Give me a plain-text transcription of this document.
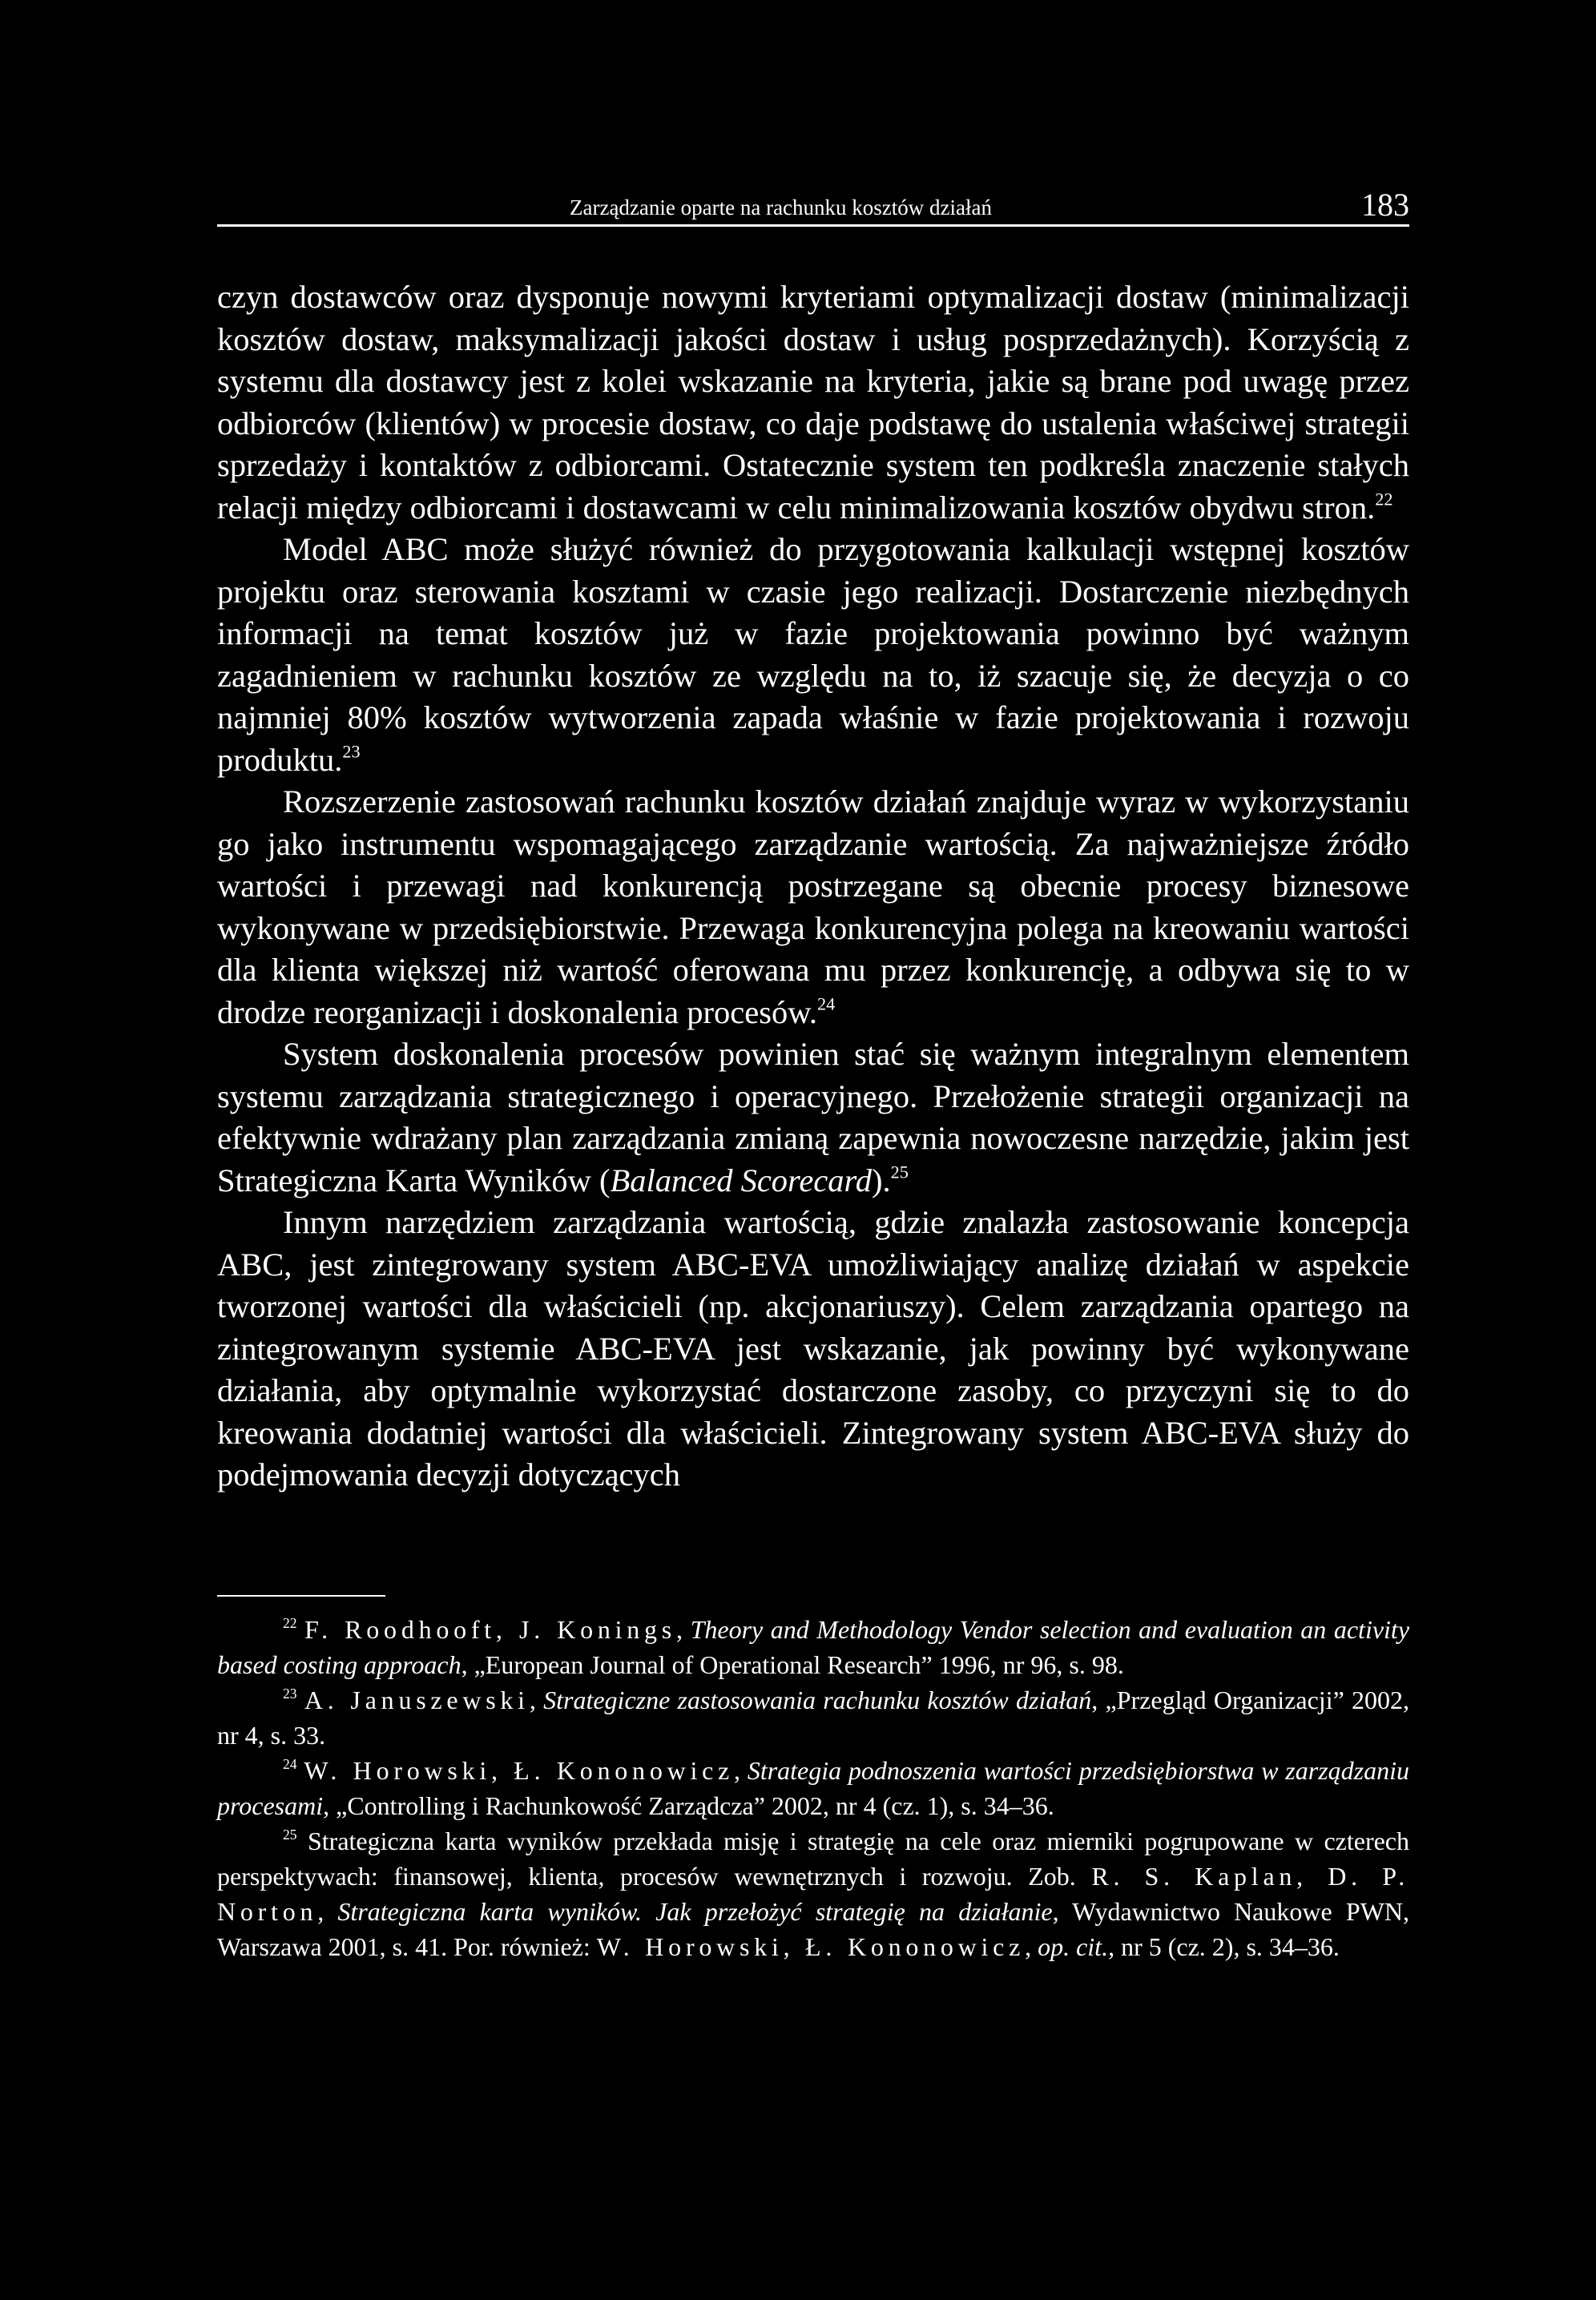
Zarządzanie oparte na rachunku kosztów działań	183

czyn dostawców oraz dysponuje nowymi kryteriami optymalizacji dostaw (minimalizacji kosztów dostaw, maksymalizacji jakości dostaw i usług posprzedażnych). Korzyścią z systemu dla dostawcy jest z kolei wskazanie na kryteria, jakie są brane pod uwagę przez odbiorców (klientów) w procesie dostaw, co daje podstawę do ustalenia właściwej strategii sprzedaży i kontaktów z odbiorcami. Ostatecznie system ten podkreśla znaczenie stałych relacji między odbiorcami i dostawcami w celu minimalizowania kosztów obydwu stron.$^{22}$

Model ABC może służyć również do przygotowania kalkulacji wstępnej kosztów projektu oraz sterowania kosztami w czasie jego realizacji. Dostarczenie niezbędnych informacji na temat kosztów już w fazie projektowania powinno być ważnym zagadnieniem w rachunku kosztów ze względu na to, iż szacuje się, że decyzja o co najmniej 80% kosztów wytworzenia zapada właśnie w fazie projektowania i rozwoju produktu.$^{23}$

Rozszerzenie zastosowań rachunku kosztów działań znajduje wyraz w wykorzystaniu go jako instrumentu wspomagającego zarządzanie wartością. Za najważniejsze źródło wartości i przewagi nad konkurencją postrzegane są obecnie procesy biznesowe wykonywane w przedsiębiorstwie. Przewaga konkurencyjna polega na kreowaniu wartości dla klienta większej niż wartość oferowana mu przez konkurencję, a odbywa się to w drodze reorganizacji i doskonalenia procesów.$^{24}$

System doskonalenia procesów powinien stać się ważnym integralnym elementem systemu zarządzania strategicznego i operacyjnego. Przełożenie strategii organizacji na efektywnie wdrażany plan zarządzania zmianą zapewnia nowoczesne narzędzie, jakim jest Strategiczna Karta Wyników (Balanced Scorecard).$^{25}$

Innym narzędziem zarządzania wartością, gdzie znalazła zastosowanie koncepcja ABC, jest zintegrowany system ABC-EVA umożliwiający analizę działań w aspekcie tworzonej wartości dla właścicieli (np. akcjonariuszy). Celem zarządzania opartego na zintegrowanym systemie ABC-EVA jest wskazanie, jak powinny być wykonywane działania, aby optymalnie wykorzystać dostarczone zasoby, co przyczyni się to do kreowania dodatniej wartości dla właścicieli. Zintegrowany system ABC-EVA służy do podejmowania decyzji dotyczących

$^{22}$ F. Roodhooft, J. Konings, Theory and Methodology Vendor selection and evaluation an activity based costing approach, „European Journal of Operational Research” 1996, nr 96, s. 98.

$^{23}$ A. Januszewski, Strategiczne zastosowania rachunku kosztów działań, „Przegląd Organizacji” 2002, nr 4, s. 33.

$^{24}$ W. Horowski, Ł. Kononowicz, Strategia podnoszenia wartości przedsiębiorstwa w zarządzaniu procesami, „Controlling i Rachunkowość Zarządcza” 2002, nr 4 (cz. 1), s. 34–36.

$^{25}$ Strategiczna karta wyników przekłada misję i strategię na cele oraz mierniki pogrupowane w czterech perspektywach: finansowej, klienta, procesów wewnętrznych i rozwoju. Zob. R. S. Kaplan, D. P. Norton, Strategiczna karta wyników. Jak przełożyć strategię na działanie, Wydawnictwo Naukowe PWN, Warszawa 2001, s. 41. Por. również: W. Horowski, Ł. Kononowicz, op. cit., nr 5 (cz. 2), s. 34–36.
